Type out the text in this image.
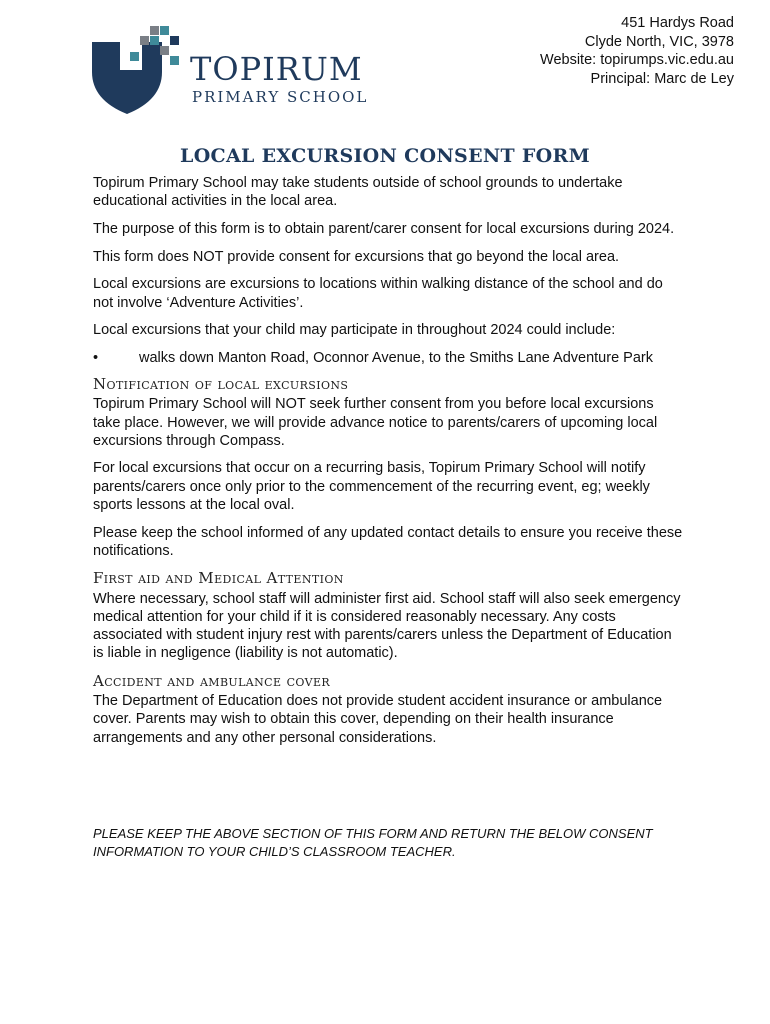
TOPIRUM
PRIMARY SCHOOL
451 Hardys Road
Clyde North, VIC, 3978
Website: topirumps.vic.edu.au
Principal: Marc de Ley
LOCAL EXCURSION CONSENT FORM

Topirum Primary School may take students outside of school grounds to undertake educational activities in the local area.

The purpose of this form is to obtain parent/carer consent for local excursions during 2024.

This form does NOT provide consent for excursions that go beyond the local area.

Local excursions are excursions to locations within walking distance of the school and do not involve ‘Adventure Activities’.

Local excursions that your child may participate in throughout 2024 could include:

•	walks down Manton Road, Oconnor Avenue, to the Smiths Lane Adventure Park
Notification of local excursions

Topirum Primary School will NOT seek further consent from you before local excursions take place. However, we will provide advance notice to parents/carers of upcoming local excursions through Compass.

For local excursions that occur on a recurring basis, Topirum Primary School will notify parents/carers once only prior to the commencement of the recurring event, eg; weekly sports lessons at the local oval.

Please keep the school informed of any updated contact details to ensure you receive these notifications.

First aid and Medical Attention

Where necessary, school staff will administer first aid. School staff will also seek emergency medical attention for your child if it is considered reasonably necessary. Any costs associated with student injury rest with parents/carers unless the Department of Education is liable in negligence (liability is not automatic).

Accident and ambulance cover

The Department of Education does not provide student accident insurance or ambulance cover. Parents may wish to obtain this cover, depending on their health insurance arrangements and any other personal considerations.

PLEASE KEEP THE ABOVE SECTION OF THIS FORM AND RETURN THE BELOW CONSENT INFORMATION TO YOUR CHILD’S CLASSROOM TEACHER.
